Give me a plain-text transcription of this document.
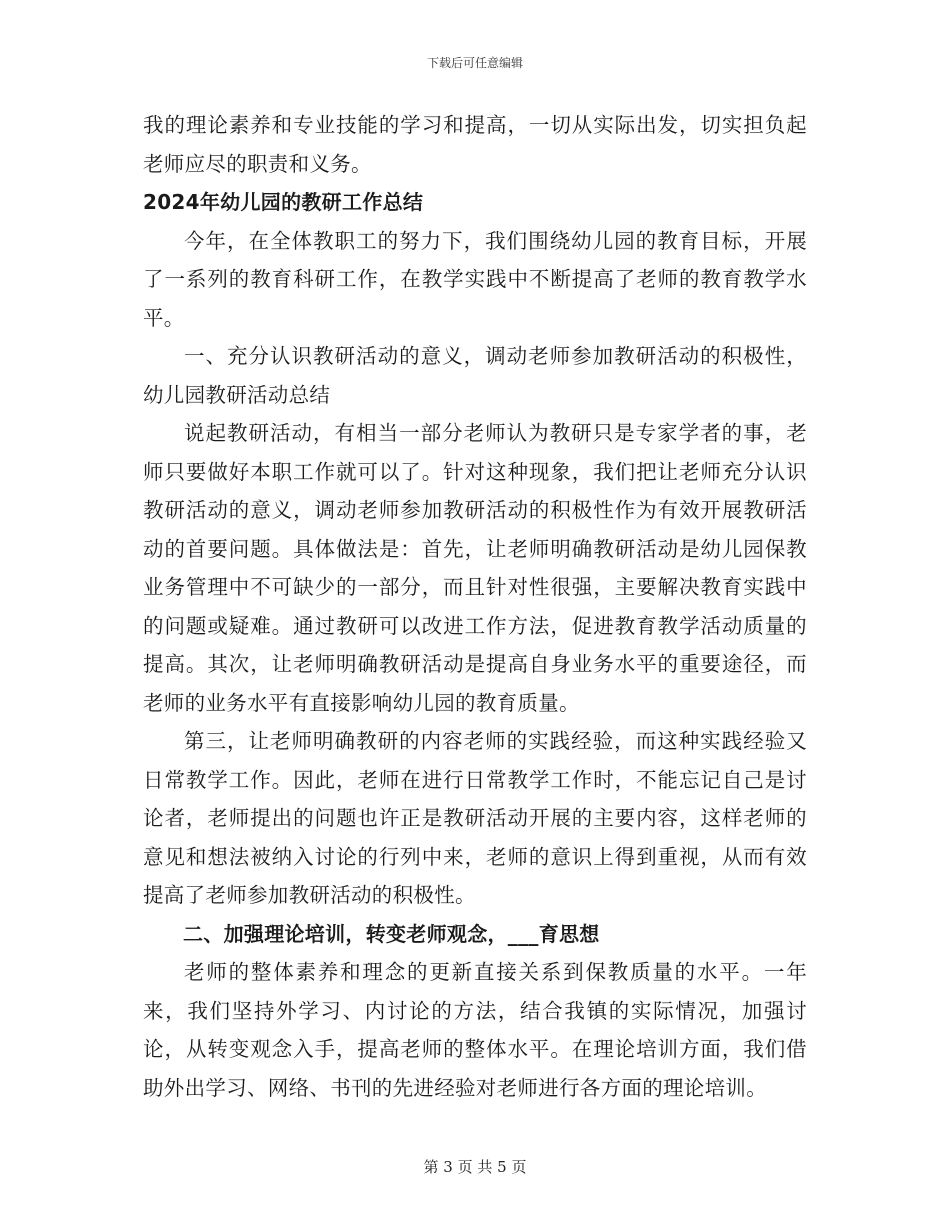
下载后可任意编辑

我的理论素养和专业技能的学习和提高，一切从实际出发，切实担负起老师应尽的职责和义务。

2024年幼儿园的教研工作总结

今年，在全体教职工的努力下，我们围绕幼儿园的教育目标，开展了一系列的教育科研工作，在教学实践中不断提高了老师的教育教学水平。

一、充分认识教研活动的意义，调动老师参加教研活动的积极性，幼儿园教研活动总结

说起教研活动，有相当一部分老师认为教研只是专家学者的事，老师只要做好本职工作就可以了。针对这种现象，我们把让老师充分认识教研活动的意义，调动老师参加教研活动的积极性作为有效开展教研活动的首要问题。具体做法是：首先，让老师明确教研活动是幼儿园保教业务管理中不可缺少的一部分，而且针对性很强，主要解决教育实践中的问题或疑难。通过教研可以改进工作方法，促进教育教学活动质量的提高。其次，让老师明确教研活动是提高自身业务水平的重要途径，而老师的业务水平有直接影响幼儿园的教育质量。

第三，让老师明确教研的内容老师的实践经验，而这种实践经验又日常教学工作。因此，老师在进行日常教学工作时，不能忘记自己是讨论者，老师提出的问题也许正是教研活动开展的主要内容，这样老师的意见和想法被纳入讨论的行列中来，老师的意识上得到重视，从而有效提高了老师参加教研活动的积极性。

二、加强理论培训，转变老师观念，___育思想

老师的整体素养和理念的更新直接关系到保教质量的水平。一年来，我们坚持外学习、内讨论的方法，结合我镇的实际情况，加强讨论，从转变观念入手，提高老师的整体水平。在理论培训方面，我们借助外出学习、网络、书刊的先进经验对老师进行各方面的理论培训。

第 3 页 共 5 页
